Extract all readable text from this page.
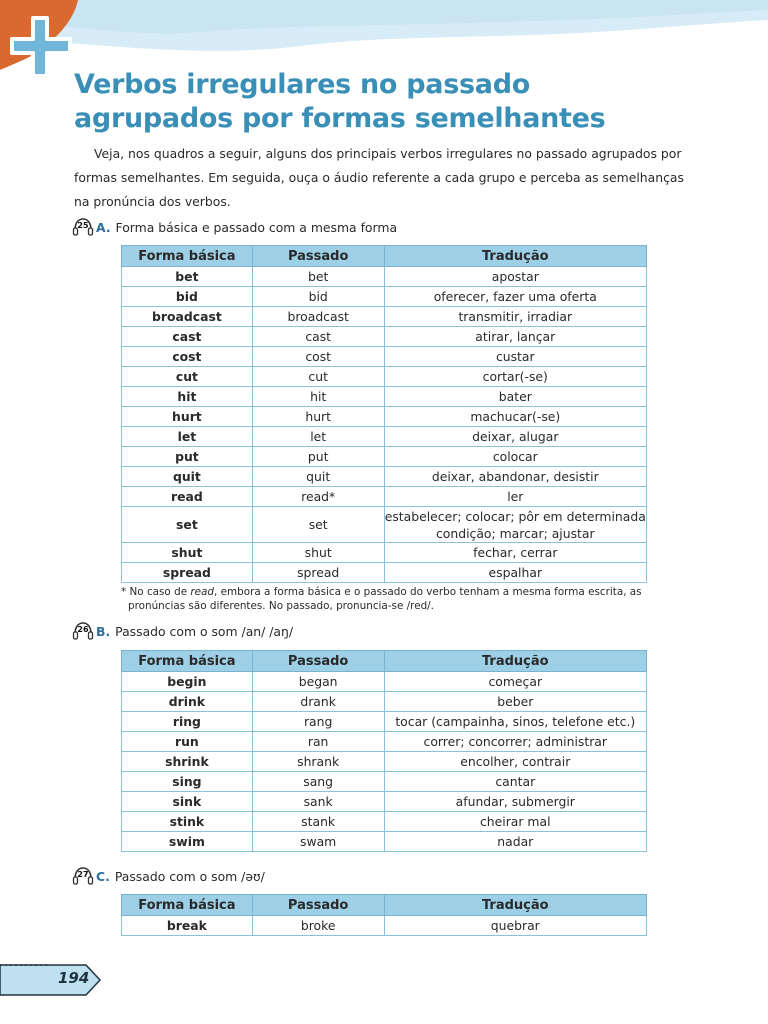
Verbos irregulares no passado
agrupados por formas semelhantes

Veja, nos quadros a seguir, alguns dos principais verbos irregulares no passado agrupados por formas semelhantes. Em seguida, ouça o áudio referente a cada grupo e perceba as semelhanças na pronúncia dos verbos.

25 A. Forma básica e passado com a mesma forma
Forma básica	Passado	Tradução
bet	bet	apostar
bid	bid	oferecer, fazer uma oferta
broadcast	broadcast	transmitir, irradiar
cast	cast	atirar, lançar
cost	cost	custar
cut	cut	cortar(-se)
hit	hit	bater
hurt	hurt	machucar(-se)
let	let	deixar, alugar
put	put	colocar
quit	quit	deixar, abandonar, desistir
read	read*	ler
set	set	estabelecer; colocar; pôr em determinada
condição; marcar; ajustar
shut	shut	fechar, cerrar
spread	spread	espalhar

* No caso de read, embora a forma básica e o passado do verbo tenham a mesma forma escrita, as
pronúncias são diferentes. No passado, pronuncia-se /red/.

26 B. Passado com o som /an/ /aŋ/
Forma básica	Passado	Tradução
begin	began	começar
drink	drank	beber
ring	rang	tocar (campainha, sinos, telefone etc.)
run	ran	correr; concorrer; administrar
shrink	shrank	encolher, contrair
sing	sang	cantar
sink	sank	afundar, submergir
stink	stank	cheirar mal
swim	swam	nadar
27 C. Passado com o som /əʊ/
Forma básica	Passado	Tradução
break	broke	quebrar
194
